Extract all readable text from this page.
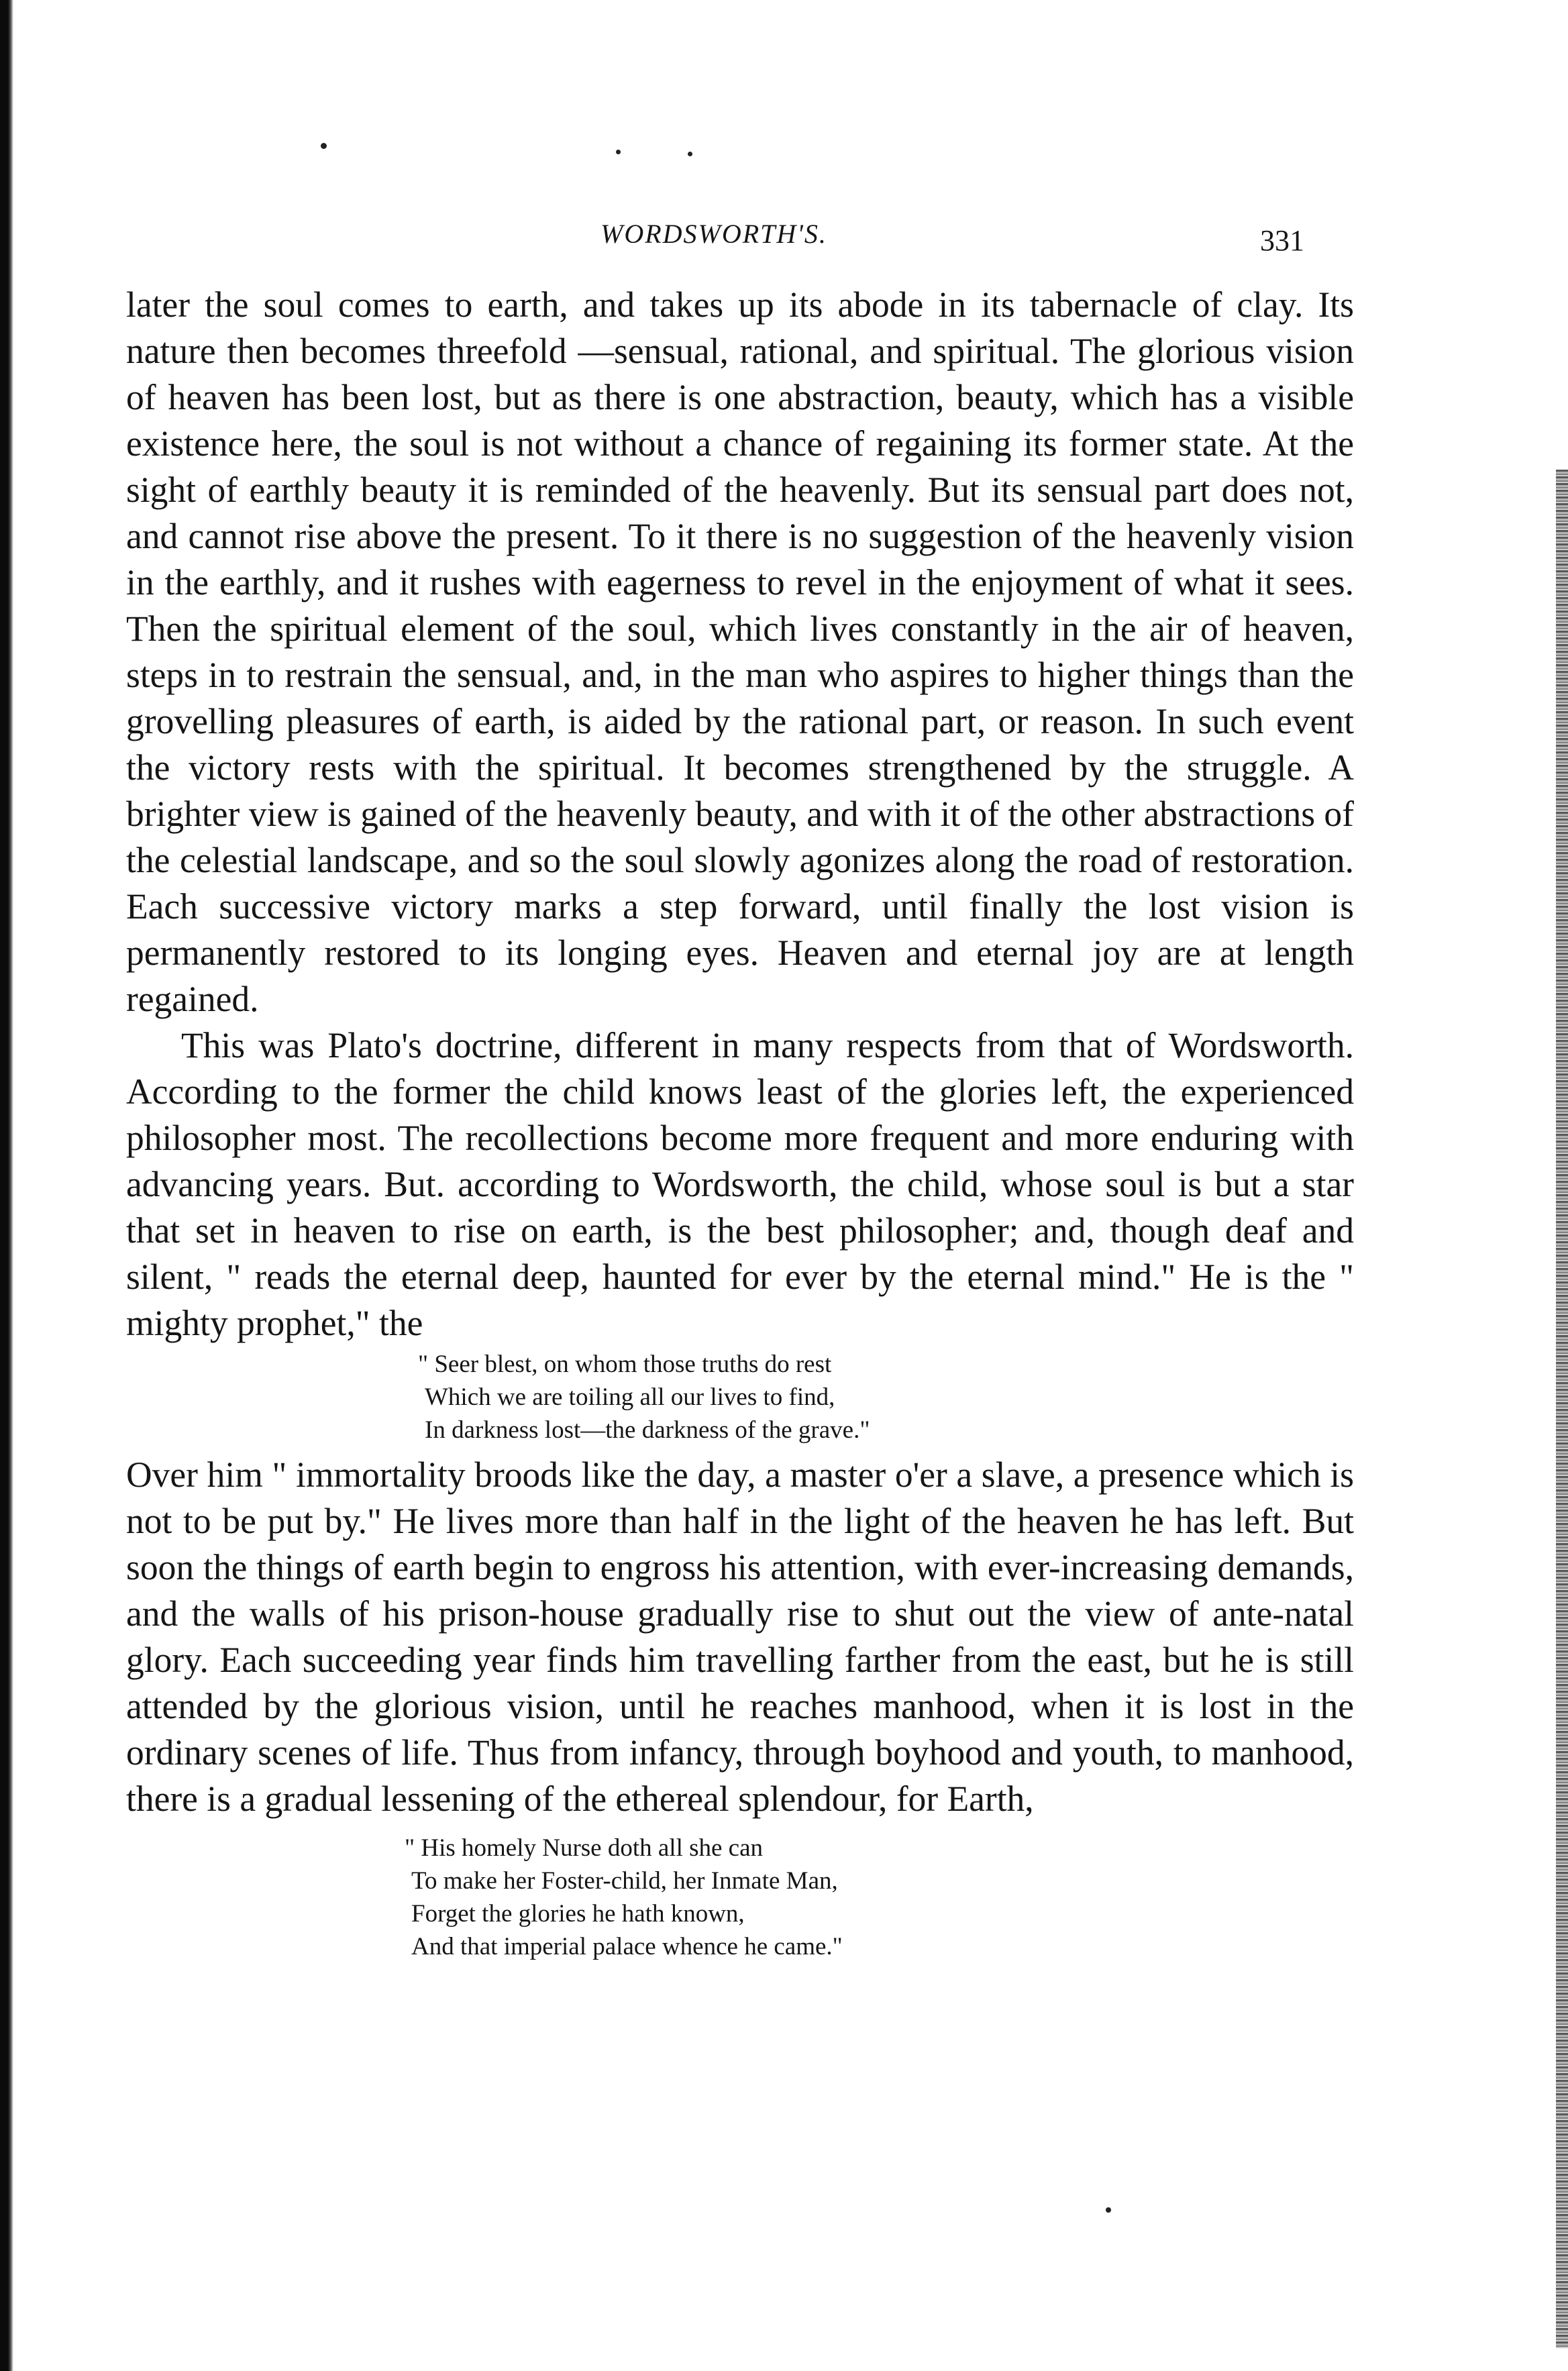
WORDSWORTH'S.	331

later the soul comes to earth, and takes up its abode in its tabernacle of clay. Its nature then becomes threefold —sensual, rational, and spiritual. The glorious vision of heaven has been lost, but as there is one abstraction, beauty, which has a visible existence here, the soul is not without a chance of regaining its former state. At the sight of earthly beauty it is reminded of the heavenly. But its sensual part does not, and cannot rise above the present. To it there is no suggestion of the heavenly vision in the earthly, and it rushes with eagerness to revel in the enjoyment of what it sees. Then the spiritual element of the soul, which lives constantly in the air of heaven, steps in to restrain the sensual, and, in the man who aspires to higher things than the grovelling pleasures of earth, is aided by the rational part, or reason. In such event the victory rests with the spiritual. It becomes strengthened by the struggle. A brighter view is gained of the heavenly beauty, and with it of the other abstractions of the celestial landscape, and so the soul slowly agonizes along the road of restoration. Each successive victory marks a step forward, until finally the lost vision is permanently restored to its longing eyes. Heaven and eternal joy are at length regained.

This was Plato's doctrine, different in many respects from that of Wordsworth. According to the former the child knows least of the glories left, the experienced philosopher most. The recollections become more frequent and more enduring with advancing years. But. according to Wordsworth, the child, whose soul is but a star that set in heaven to rise on earth, is the best philosopher; and, though deaf and silent, " reads the eternal deep, haunted for ever by the eternal mind." He is the " mighty prophet," the

" Seer blest, on whom those truths do rest
Which we are toiling all our lives to find,
In darkness lost—the darkness of the grave."

Over him " immortality broods like the day, a master o'er a slave, a presence which is not to be put by." He lives more than half in the light of the heaven he has left. But soon the things of earth begin to engross his attention, with ever-increasing demands, and the walls of his prison-house gradually rise to shut out the view of ante-natal glory. Each succeeding year finds him travelling farther from the east, but he is still attended by the glorious vision, until he reaches manhood, when it is lost in the ordinary scenes of life. Thus from infancy, through boyhood and youth, to manhood, there is a gradual lessening of the ethereal splendour, for Earth,

" His homely Nurse doth all she can
To make her Foster-child, her Inmate Man,
Forget the glories he hath known,
And that imperial palace whence he came."
